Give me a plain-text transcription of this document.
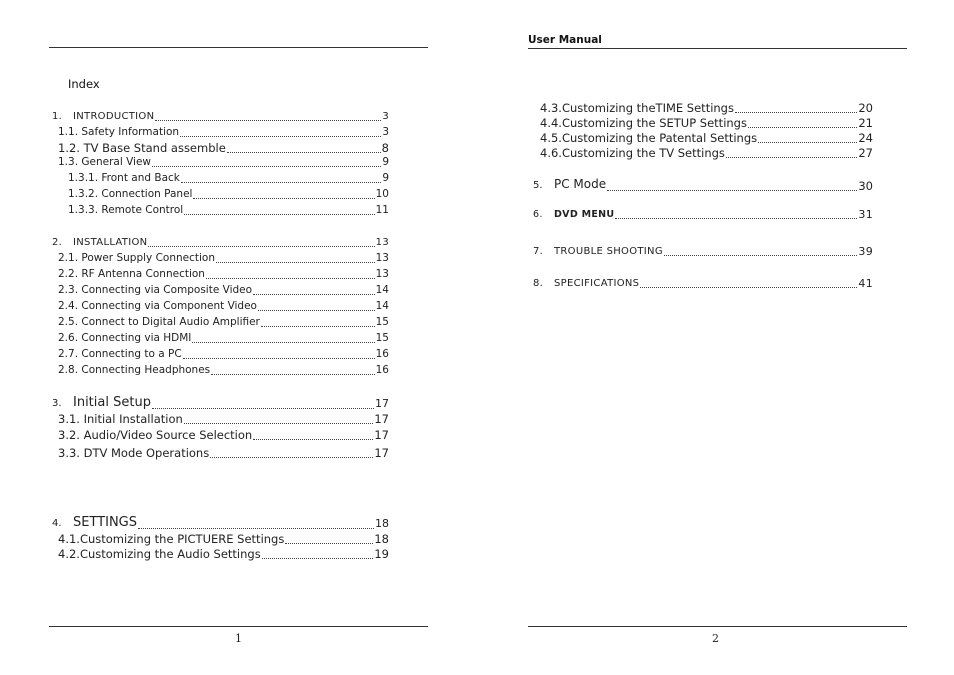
User Manual
1	2
Index
1. INTRODUCTION	3
1.1. Safety Information	3
1.2. TV Base Stand assemble	8
1.3. General View	9
1.3.1. Front and Back	9
1.3.2. Connection Panel	10
1.3.3. Remote Control	11
2. INSTALLATION	13
2.1. Power Supply Connection	13
2.2. RF Antenna Connection	13
2.3. Connecting via Composite Video	14
2.4. Connecting via Component Video	14
2.5. Connect to Digital Audio Amplifier	15
2.6. Connecting via HDMI	15
2.7. Connecting to a PC	16
2.8. Connecting Headphones	16
3. Initial Setup	17
3.1. Initial Installation	17
3.2. Audio/Video Source Selection	17
3.3. DTV Mode Operations	17
4. SETTINGS	18
4.1.Customizing the PICTUERE Settings	18
4.2.Customizing the Audio Settings	19
4.3.Customizing theTIME Settings	20
4.4.Customizing the SETUP Settings	21
4.5.Customizing the Patental Settings	24
4.6.Customizing the TV Settings	27
5. PC Mode	30
6. DVD MENU	31
7. TROUBLE SHOOTING	39
8. SPECIFICATIONS	41
